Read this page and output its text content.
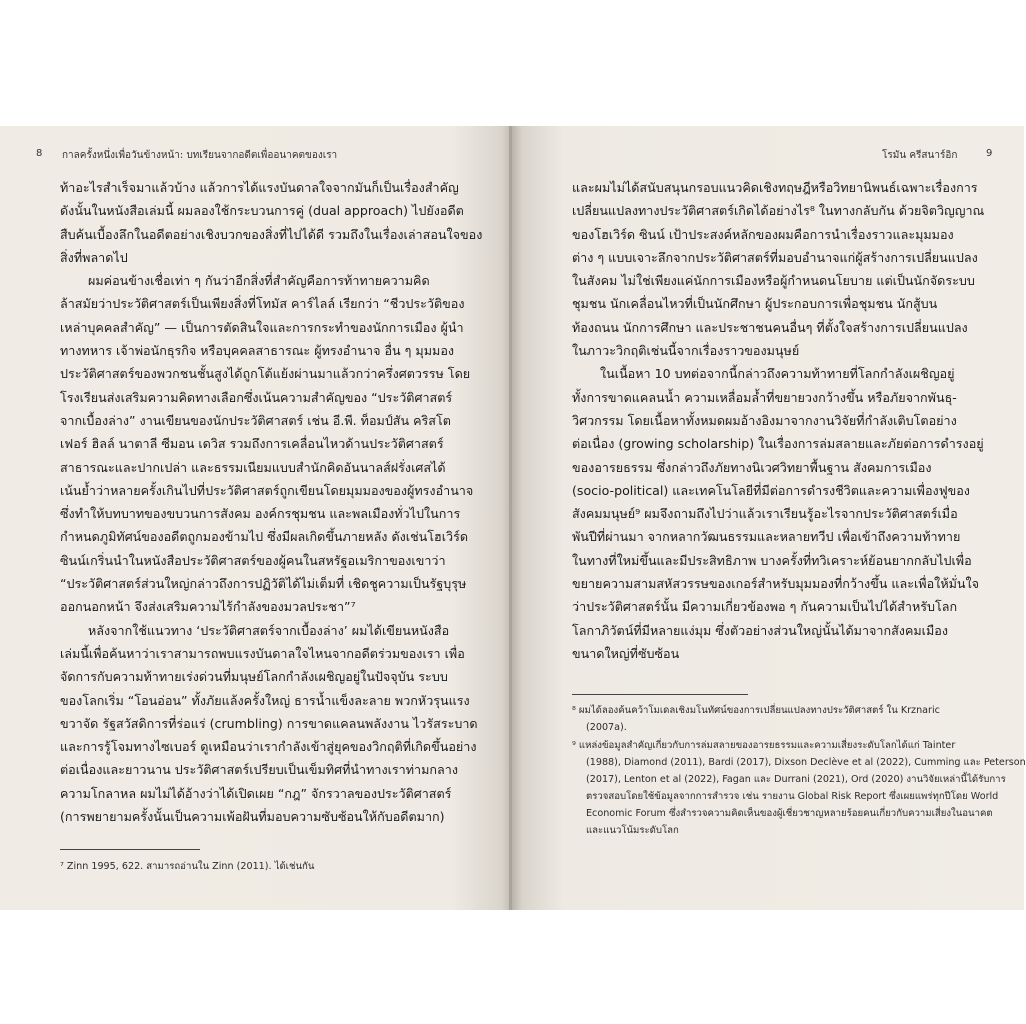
8 กาลครั้งหนึ่งเพื่อวันข้างหน้า: บทเรียนจากอดีตเพื่ออนาคตของเรา
ท้าอะไรสำเร็จมาแล้วบ้าง แล้วการได้แรงบันดาลใจจากมันก็เป็นเรื่องสำคัญ
ดังนั้นในหนังสือเล่มนี้ ผมลองใช้กระบวนการคู่ (dual approach) ไปยังอดีต
สืบค้นเบื้องลึกในอดีตอย่างเชิงบวกของสิ่งที่ไปได้ดี รวมถึงในเรื่องเล่าสอนใจของ
สิ่งที่พลาดไป
ผมค่อนข้างเชื่อเท่า ๆ กันว่าอีกสิ่งที่สำคัญคือการท้าทายความคิด
ล้าสมัยว่าประวัติศาสตร์เป็นเพียงสิ่งที่โทมัส คาร์ไลล์ เรียกว่า “ชีวประวัติของ
เหล่าบุคคลสำคัญ” — เป็นการตัดสินใจและการกระทำของนักการเมือง ผู้นำ
ทางทหาร เจ้าพ่อนักธุรกิจ หรือบุคคลสาธารณะ ผู้ทรงอำนาจ อื่น ๆ มุมมอง
ประวัติศาสตร์ของพวกชนชั้นสูงได้ถูกโต้แย้งผ่านมาแล้วกว่าครึ่งศตวรรษ โดย
โรงเรียนส่งเสริมความคิดทางเลือกซึ่งเน้นความสำคัญของ “ประวัติศาสตร์
จากเบื้องล่าง” งานเขียนของนักประวัติศาสตร์ เช่น อี.พี. ท็อมป์สัน คริสโต
เฟอร์ ฮิลล์ นาตาลี ซีมอน เดวิส รวมถึงการเคลื่อนไหวด้านประวัติศาสตร์
สาธารณะและปากเปล่า และธรรมเนียมแบบสำนักคิดอันนาลส์ฝรั่งเศสได้
เน้นย้ำว่าหลายครั้งเกินไปที่ประวัติศาสตร์ถูกเขียนโดยมุมมองของผู้ทรงอำนาจ
ซึ่งทำให้บทบาทของขบวนการสังคม องค์กรชุมชน และพลเมืองทั่วไปในการ
กำหนดภูมิทัศน์ของอดีตถูกมองข้ามไป ซึ่งมีผลเกิดขึ้นภายหลัง ดังเช่นโฮเวิร์ด
ซินน์เกริ่นนำในหนังสือประวัติศาสตร์ของผู้คนในสหรัฐอเมริกาของเขาว่า
“ประวัติศาสตร์ส่วนใหญ่กล่าวถึงการปฏิวัติได้ไม่เต็มที่ เชิดชูความเป็นรัฐบุรุษ
ออกนอกหน้า จึงส่งเสริมความไร้กำลังของมวลประชา”⁷
หลังจากใช้แนวทาง ‘ประวัติศาสตร์จากเบื้องล่าง’ ผมได้เขียนหนังสือ
เล่มนี้เพื่อค้นหาว่าเราสามารถพบแรงบันดาลใจไหนจากอดีตร่วมของเรา เพื่อ
จัดการกับความท้าทายเร่งด่วนที่มนุษย์โลกกำลังเผชิญอยู่ในปัจจุบัน ระบบ
ของโลกเริ่ม “โอนอ่อน” ทั้งภัยแล้งครั้งใหญ่ ธารน้ำแข็งละลาย พวกหัวรุนแรง
ขวาจัด รัฐสวัสดิการที่ร่อแร่ (crumbling) การขาดแคลนพลังงาน ไวรัสระบาด
และการรู้โจมทางไซเบอร์ ดูเหมือนว่าเรากำลังเข้าสู่ยุคของวิกฤติที่เกิดขึ้นอย่าง
ต่อเนื่องและยาวนาน ประวัติศาสตร์เปรียบเป็นเข็มทิศที่นำทางเราท่ามกลาง
ความโกลาหล ผมไม่ได้อ้างว่าได้เปิดเผย “กฎ” จักรวาลของประวัติศาสตร์
(การพยายามครั้งนั้นเป็นความเพ้อฝันที่มอบความซับซ้อนให้กับอดีตมาก)
⁷ Zinn 1995, 622. สามารถอ่านใน Zinn (2011). ได้เช่นกัน
โรมัน ครีสนาร์อิก	9
และผมไม่ได้สนับสนุนกรอบแนวคิดเชิงทฤษฎีหรือวิทยานิพนธ์เฉพาะเรื่องการ
เปลี่ยนแปลงทางประวัติศาสตร์เกิดได้อย่างไร⁸ ในทางกลับกัน ด้วยจิตวิญญาณ
ของโฮเวิร์ด ซินน์ เป้าประสงค์หลักของผมคือการนำเรื่องราวและมุมมอง
ต่าง ๆ แบบเจาะลึกจากประวัติศาสตร์ที่มอบอำนาจแก่ผู้สร้างการเปลี่ยนแปลง
ในสังคม ไม่ใช่เพียงแค่นักการเมืองหรือผู้กำหนดนโยบาย แต่เป็นนักจัดระบบ
ชุมชน นักเคลื่อนไหวที่เป็นนักศึกษา ผู้ประกอบการเพื่อชุมชน นักสู้บน
ท้องถนน นักการศึกษา และประชาชนคนอื่นๆ ที่ตั้งใจสร้างการเปลี่ยนแปลง
ในภาวะวิกฤติเช่นนี้จากเรื่องราวของมนุษย์
ในเนื้อหา 10 บทต่อจากนี้กล่าวถึงความท้าทายที่โลกกำลังเผชิญอยู่
ทั้งการขาดแคลนน้ำ ความเหลื่อมล้ำที่ขยายวงกว้างขึ้น หรือภัยจากพันธุ-
วิศวกรรม โดยเนื้อหาทั้งหมดผมอ้างอิงมาจากงานวิจัยที่กำลังเติบโตอย่าง
ต่อเนื่อง (growing scholarship) ในเรื่องการล่มสลายและภัยต่อการดำรงอยู่
ของอารยธรรม ซึ่งกล่าวถึงภัยทางนิเวศวิทยาพื้นฐาน สังคมการเมือง
(socio-political) และเทคโนโลยีที่มีต่อการดำรงชีวิตและความเพื่องฟูของ
สังคมมนุษย์⁹ ผมจึงถามถึงไปว่าแล้วเราเรียนรู้อะไรจากประวัติศาสตร์เมื่อ
พันปีที่ผ่านมา จากหลากวัฒนธรรมและหลายทวีป เพื่อเข้าถึงความท้าทาย
ในทางที่ใหม่ขึ้นและมีประสิทธิภาพ บางครั้งที่ทวิเคราะห์ย้อนยากกลับไปเพื่อ
ขยายความสามสหัสวรรษของเกอร์สำหรับมุมมองที่กว้างขึ้น และเพื่อให้มั่นใจ
ว่าประวัติศาสตร์นั้น มีความเกี่ยวข้องพอ ๆ กันความเป็นไปได้สำหรับโลก
โลกาภิวัตน์ที่มีหลายแง่มุม ซึ่งตัวอย่างส่วนใหญ่นั้นได้มาจากสังคมเมือง
ขนาดใหญ่ที่ซับซ้อน
⁸ ผมได้ลองค้นคว้าโมเดลเชิงมโนทัศน์ของการเปลี่ยนแปลงทางประวัติศาสตร์ ใน Krznaric
(2007a).
⁹ แหล่งข้อมูลสำคัญเกี่ยวกับการล่มสลายของอารยธรรมและความเสี่ยงระดับโลกได้แก่ Tainter
(1988), Diamond (2011), Bardi (2017), Dixson Declève et al (2022), Cumming และ Peterson
(2017), Lenton et al (2022), Fagan และ Durrani (2021), Ord (2020) งานวิจัยเหล่านี้ได้รับการ
ตรวจสอบโดยใช้ข้อมูลจากการสำรวจ เช่น รายงาน Global Risk Report ซึ่งเผยแพร่ทุกปีโดย World
Economic Forum ซึ่งสำรวจความคิดเห็นของผู้เชี่ยวชาญหลายร้อยคนเกี่ยวกับความเสี่ยงในอนาคต
และแนวโน้มระดับโลก
